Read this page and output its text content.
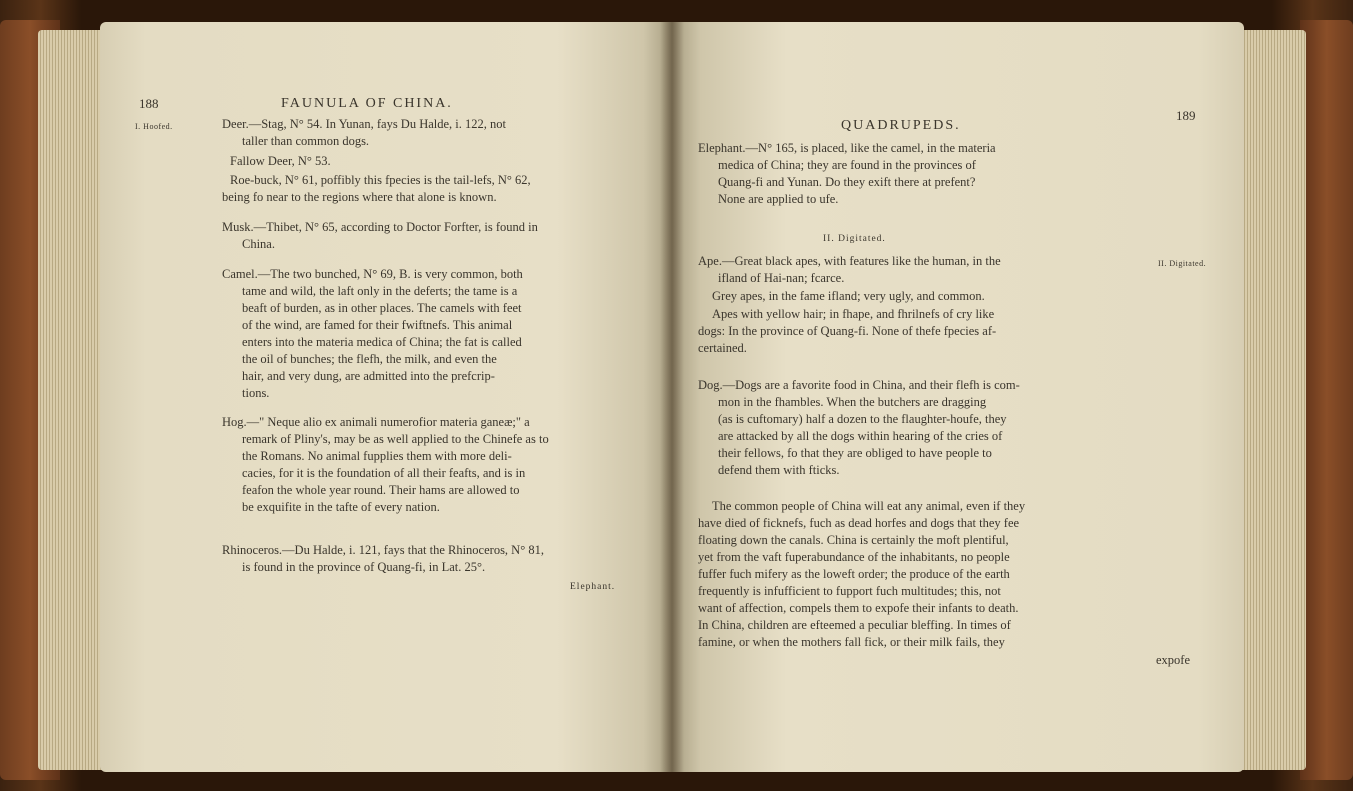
188	FAUNULA OF CHINA.
I. Hoofed.	Deer.—Stag, N° 54. In Yunan, fays Du Halde, i. 122, not
taller than common dogs.
Fallow Deer, N° 53.
Roe-buck, N° 61, poffibly this fpecies is the tail-lefs, N° 62,
being fo near to the regions where that alone is known.
Musk.—Thibet, N° 65, according to Doctor Forfter, is found in
China.
Camel.—The two bunched, N° 69, B. is very common, both
tame and wild, the laft only in the deferts; the tame is a
beaft of burden, as in other places. The camels with feet
of the wind, are famed for their fwiftnefs. This animal
enters into the materia medica of China; the fat is called
the oil of bunches; the flefh, the milk, and even the
hair, and very dung, are admitted into the prefcrip-
tions.
Hog.—" Neque alio ex animali numerofior materia ganeæ;" a
remark of Pliny's, may be as well applied to the Chinefe as to
the Romans. No animal fupplies them with more deli-
cacies, for it is the foundation of all their feafts, and is in
feafon the whole year round. Their hams are allowed to
be exquifite in the tafte of every nation.
Rhinoceros.—Du Halde, i. 121, fays that the Rhinoceros, N° 81,
is found in the province of Quang-fi, in Lat. 25°.
Elephant.
QUADRUPEDS.
189
Elephant.—N° 165, is placed, like the camel, in the materia
medica of China; they are found in the provinces of
Quang-fi and Yunan. Do they exift there at prefent?
None are applied to ufe.
II. Digitated.
Ape.—Great black apes, with features like the human, in the	II. Digitated.
ifland of Hai-nan; fcarce.
Grey apes, in the fame ifland; very ugly, and common.
Apes with yellow hair; in fhape, and fhrilnefs of cry like
dogs: In the province of Quang-fi. None of thefe fpecies af-
certained.
Dog.—Dogs are a favorite food in China, and their flefh is com-
mon in the fhambles. When the butchers are dragging
(as is cuftomary) half a dozen to the flaughter-houfe, they
are attacked by all the dogs within hearing of the cries of
their fellows, fo that they are obliged to have people to
defend them with fticks.
The common people of China will eat any animal, even if they
have died of ficknefs, fuch as dead horfes and dogs that they fee
floating down the canals. China is certainly the moft plentiful,
yet from the vaft fuperabundance of the inhabitants, no people
fuffer fuch mifery as the loweft order; the produce of the earth
frequently is infufficient to fupport fuch multitudes; this, not
want of affection, compels them to expofe their infants to death.
In China, children are efteemed a peculiar bleffing. In times of
famine, or when the mothers fall fick, or their milk fails, they
expofe
